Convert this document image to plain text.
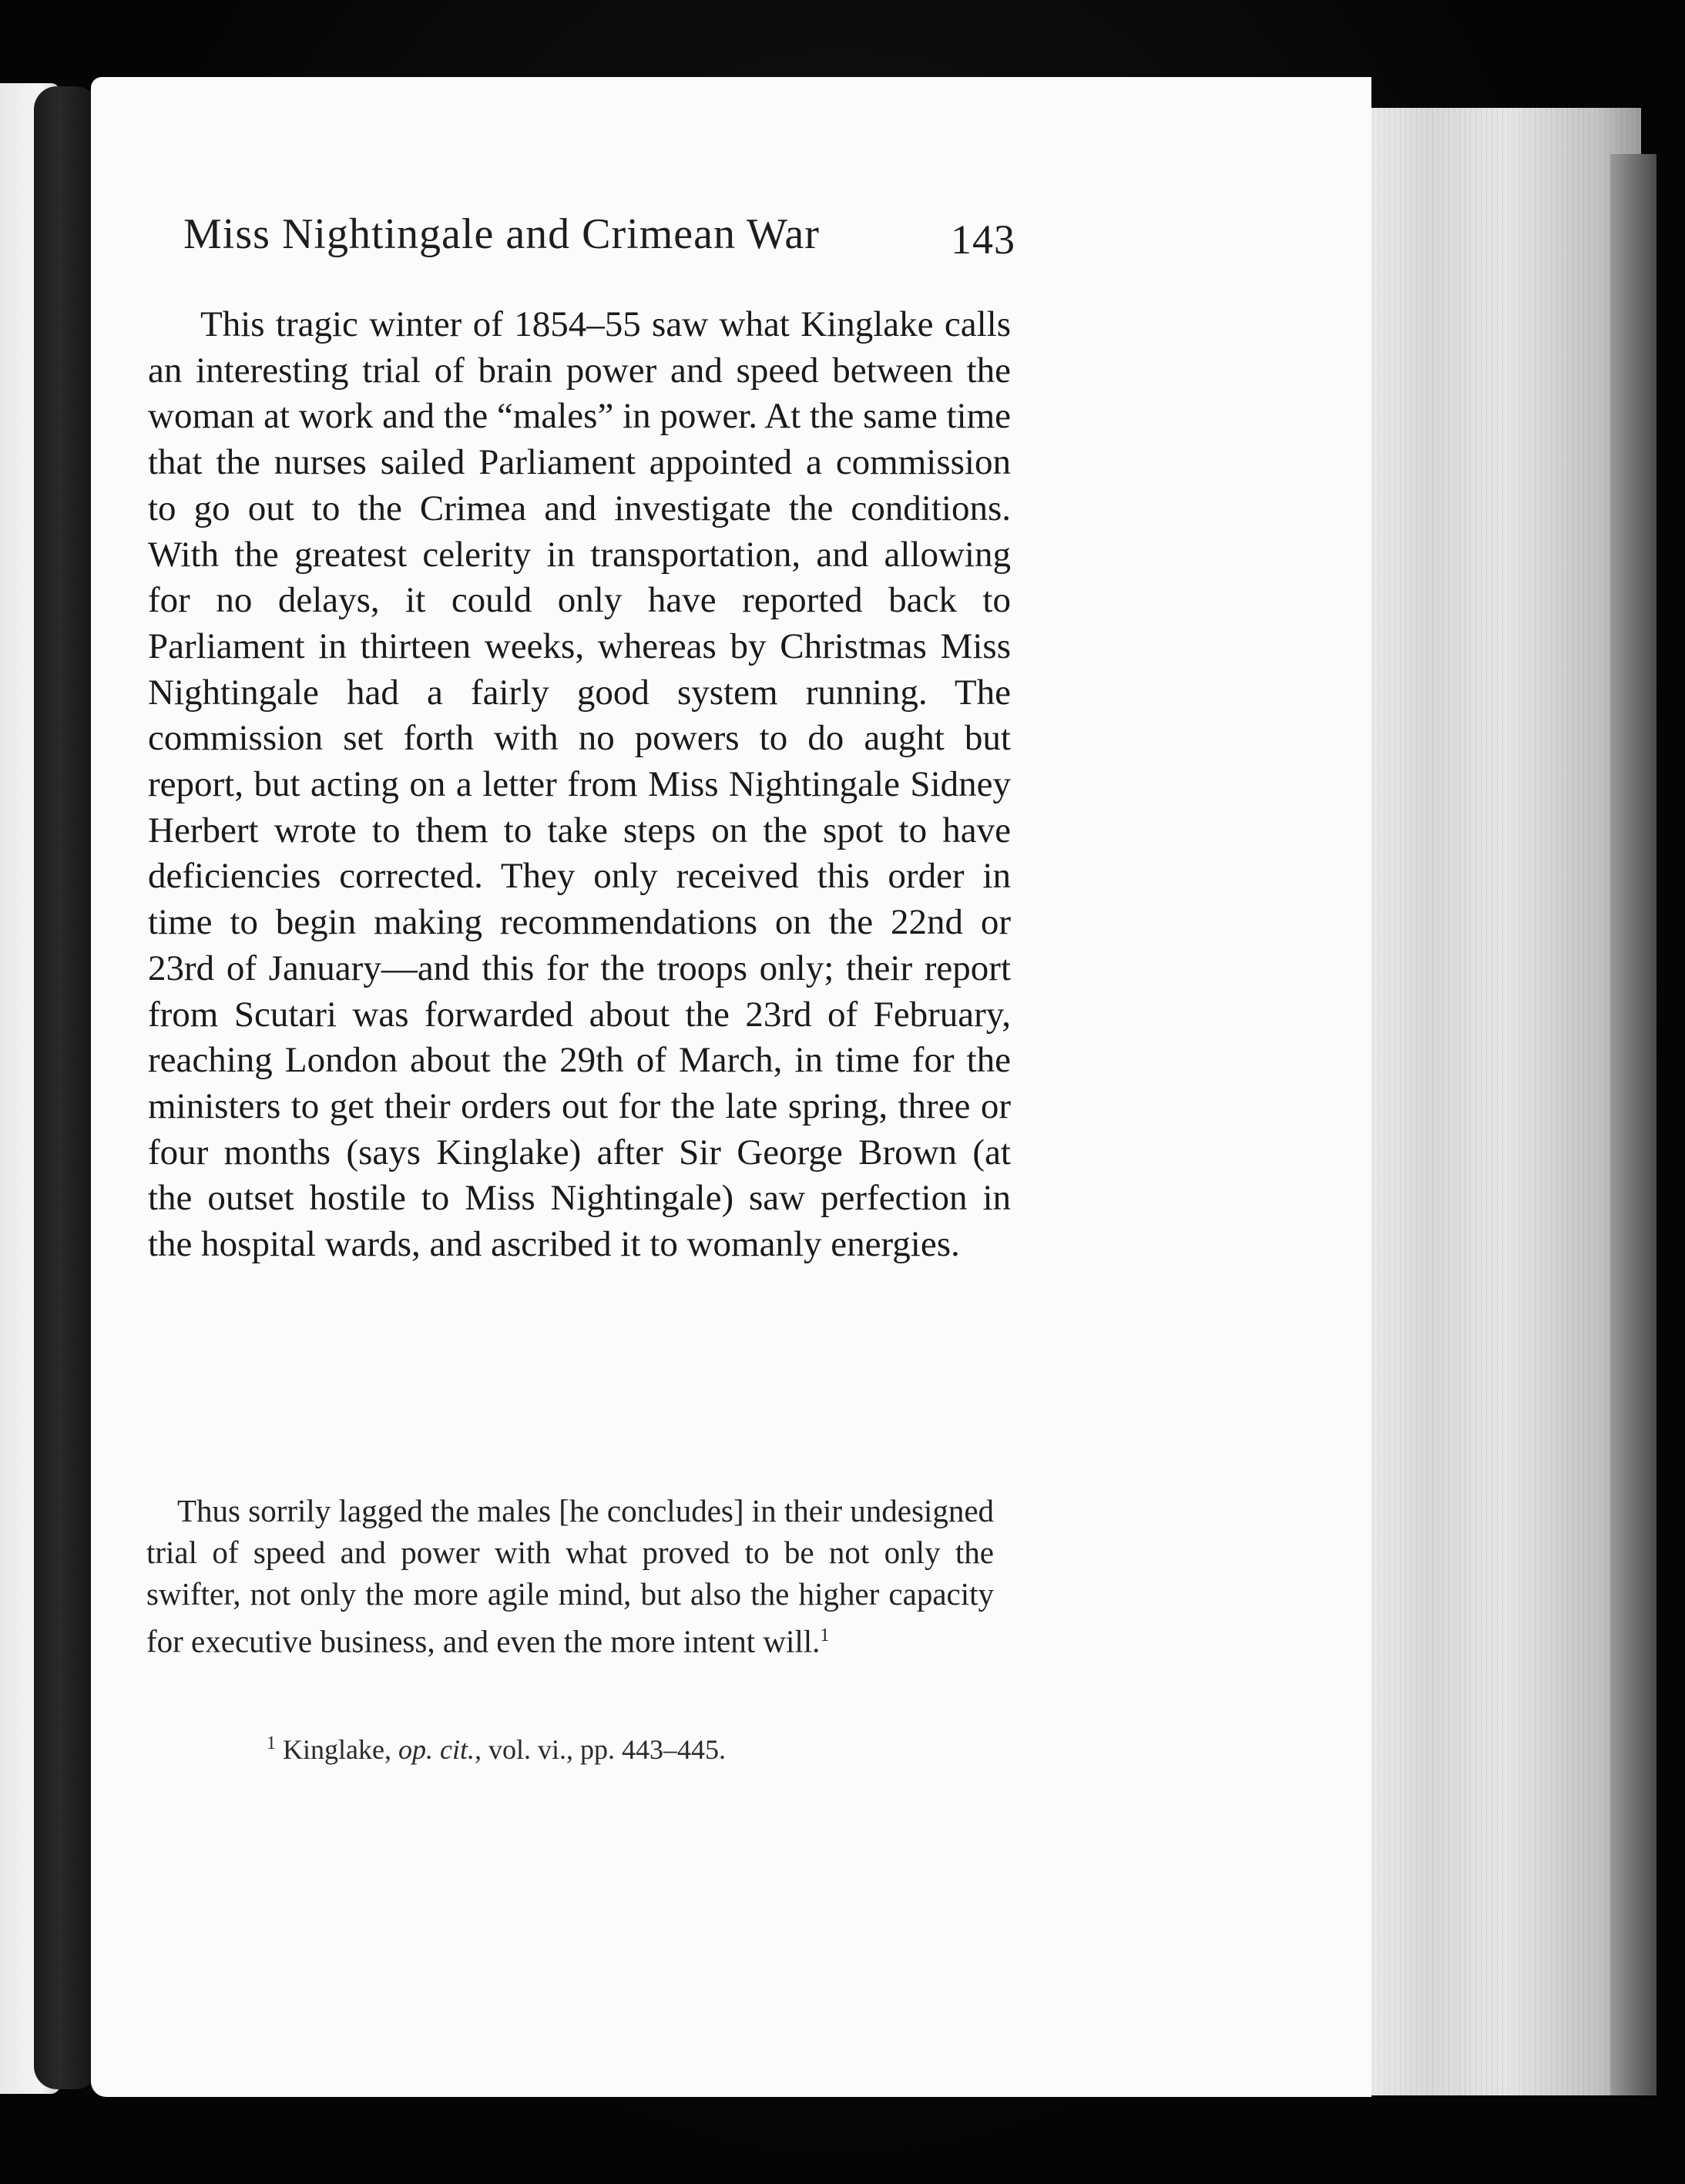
Miss Nightingale and Crimean War	143

This tragic winter of 1854–55 saw what Kinglake calls an interesting trial of brain power and speed between the woman at work and the “males” in power. At the same time that the nurses sailed Parliament appointed a commission to go out to the Crimea and investigate the conditions. With the greatest celerity in transportation, and allowing for no delays, it could only have reported back to Parliament in thirteen weeks, whereas by Christmas Miss Nightingale had a fairly good system running. The commission set forth with no powers to do aught but report, but acting on a letter from Miss Nightingale Sidney Herbert wrote to them to take steps on the spot to have deficiencies corrected. They only received this order in time to begin making recommendations on the 22nd or 23rd of January—and this for the troops only; their report from Scutari was forwarded about the 23rd of February, reaching London about the 29th of March, in time for the ministers to get their orders out for the late spring, three or four months (says Kinglake) after Sir George Brown (at the outset hostile to Miss Nightingale) saw perfection in the hospital wards, and ascribed it to womanly energies.

Thus sorrily lagged the males [he concludes] in their undesigned trial of speed and power with what proved to be not only the swifter, not only the more agile mind, but also the higher capacity for executive business, and even the more intent will.$^1$

$^1$ Kinglake, op. cit., vol. vi., pp. 443–445.
